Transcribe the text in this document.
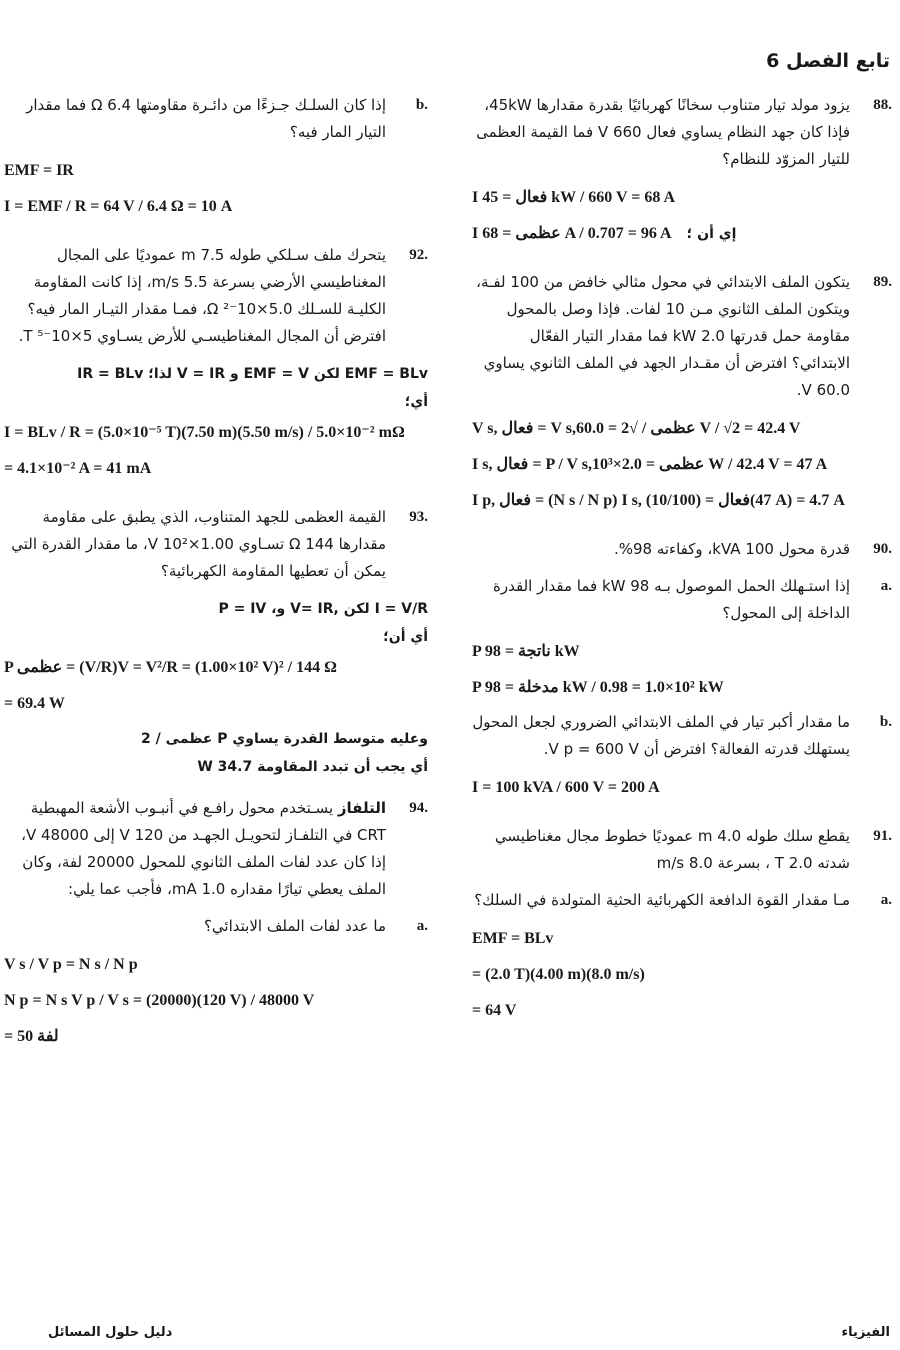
تابع الفصل 6
.88
يزود مولد تيار متناوب سخانًا كهربائيًا بقدرة مقدارها 45kW، فإذا كان جهد النظام يساوي فعال 660 V فما القيمة العظمى للتيار المزوّد للنظام؟
I فعال = 45 kW / 660 V = 68 A
I عظمى = 68 A / 0.707 = 96 A إي أن ؛
.89
يتكون الملف الابتدائي في محول مثالي خافض من 100 لفـة، ويتكون الملف الثانوي مـن 10 لفات. فإذا وصل بالمحول مقاومة حمل قدرتها 2.0 kW فما مقدار التيار الفعّال الابتدائي؟ افترض أن مقـدار الجهد في الملف الثانوي يساوي 60.0 V.
V s, فعال = V s,عظمى / √2 = 60.0 V / √2 = 42.4 V
I s, فعال = P / V s,عظمى = 2.0×10³ W / 42.4 V = 47 A
I p, فعال = (N s / N p) I s, فعال = (10/100)(47 A) = 4.7 A
.90
قدرة محول 100 kVA، وكفاءته 98%.
.a
إذا استـهلك الحمل الموصول بـه 98 kW فما مقدار القدرة الداخلة إلى المحول؟
P ناتجة = 98 kW
P مدخلة = 98 kW / 0.98 = 1.0×10² kW
.b
ما مقدار أكبر تيار في الملف الابتدائي الضروري لجعل المحول يستهلك قدرته الفعالة؟ افترض أن V p = 600 V.
I = 100 kVA / 600 V = 200 A
.91
يقطع سلك طوله 4.0 m عموديًا خطوط مجال مغناطيسي شدته 2.0 T ، بسرعة 8.0 m/s
.a
مـا مقدار القوة الدافعة الكهربائية الحثية المتولدة في السلك؟
EMF = BLv
= (2.0 T)(4.00 m)(8.0 m/s)
= 64 V
.b
إذا كان السلـك جـزءًا من دائـرة مقاومتها 6.4 Ω فما مقدار التيار المار فيه؟
EMF = IR
I = EMF / R = 64 V / 6.4 Ω = 10 A
.92
يتحرك ملف سـلكي طوله 7.5 m عموديًا على المجال المغناطيسي الأرضي بسرعة 5.5 m/s، إذا كانت المقاومة الكليـة للسـلك 5.0×10⁻² Ω، فمـا مقدار التيـار المار فيه؟ افترض أن المجال المغناطيسـي للأرض يسـاوي 5×10⁻⁵ T.
EMF = BLv لكن EMF = V و V = IR لذا؛ IR = BLv
أي؛
I = BLv / R = (5.0×10⁻⁵ T)(7.50 m)(5.50 m/s) / 5.0×10⁻² mΩ
= 4.1×10⁻² A = 41 mA
.93
القيمة العظمى للجهد المتناوب، الذي يطبق على مقاومة مقدارها 144 Ω تسـاوي 1.00×10² V، ما مقدار القدرة التي يمكن أن تعطيها المقاومة الكهربائية؟
I = V/R لكن ,V= IR و، P = IV
أي أن؛
P عظمى = (V/R)V = V²/R = (1.00×10² V)² / 144 Ω
= 69.4 W
وعليه متوسط القدرة يساوي P عظمى / 2
أي يجب أن تبدد المقاومة 34.7 W
.94
التلفاز يسـتخدم محول رافـع في أنبـوب الأشعة المهبطية CRT في التلفـاز لتحويـل الجهـد من 120 V إلى 48000 V، إذا كان عدد لفات الملف الثانوي للمحول 20000 لفة، وكان الملف يعطي تيارًا مقداره 1.0 mA، فأجب عما يلي:
.a
ما عدد لفات الملف الابتدائي؟
V s / V p = N s / N p
N p = N s V p / V s = (20000)(120 V) / 48000 V
= 50 لفة
دليل حلول المسائل	الفيزياء
